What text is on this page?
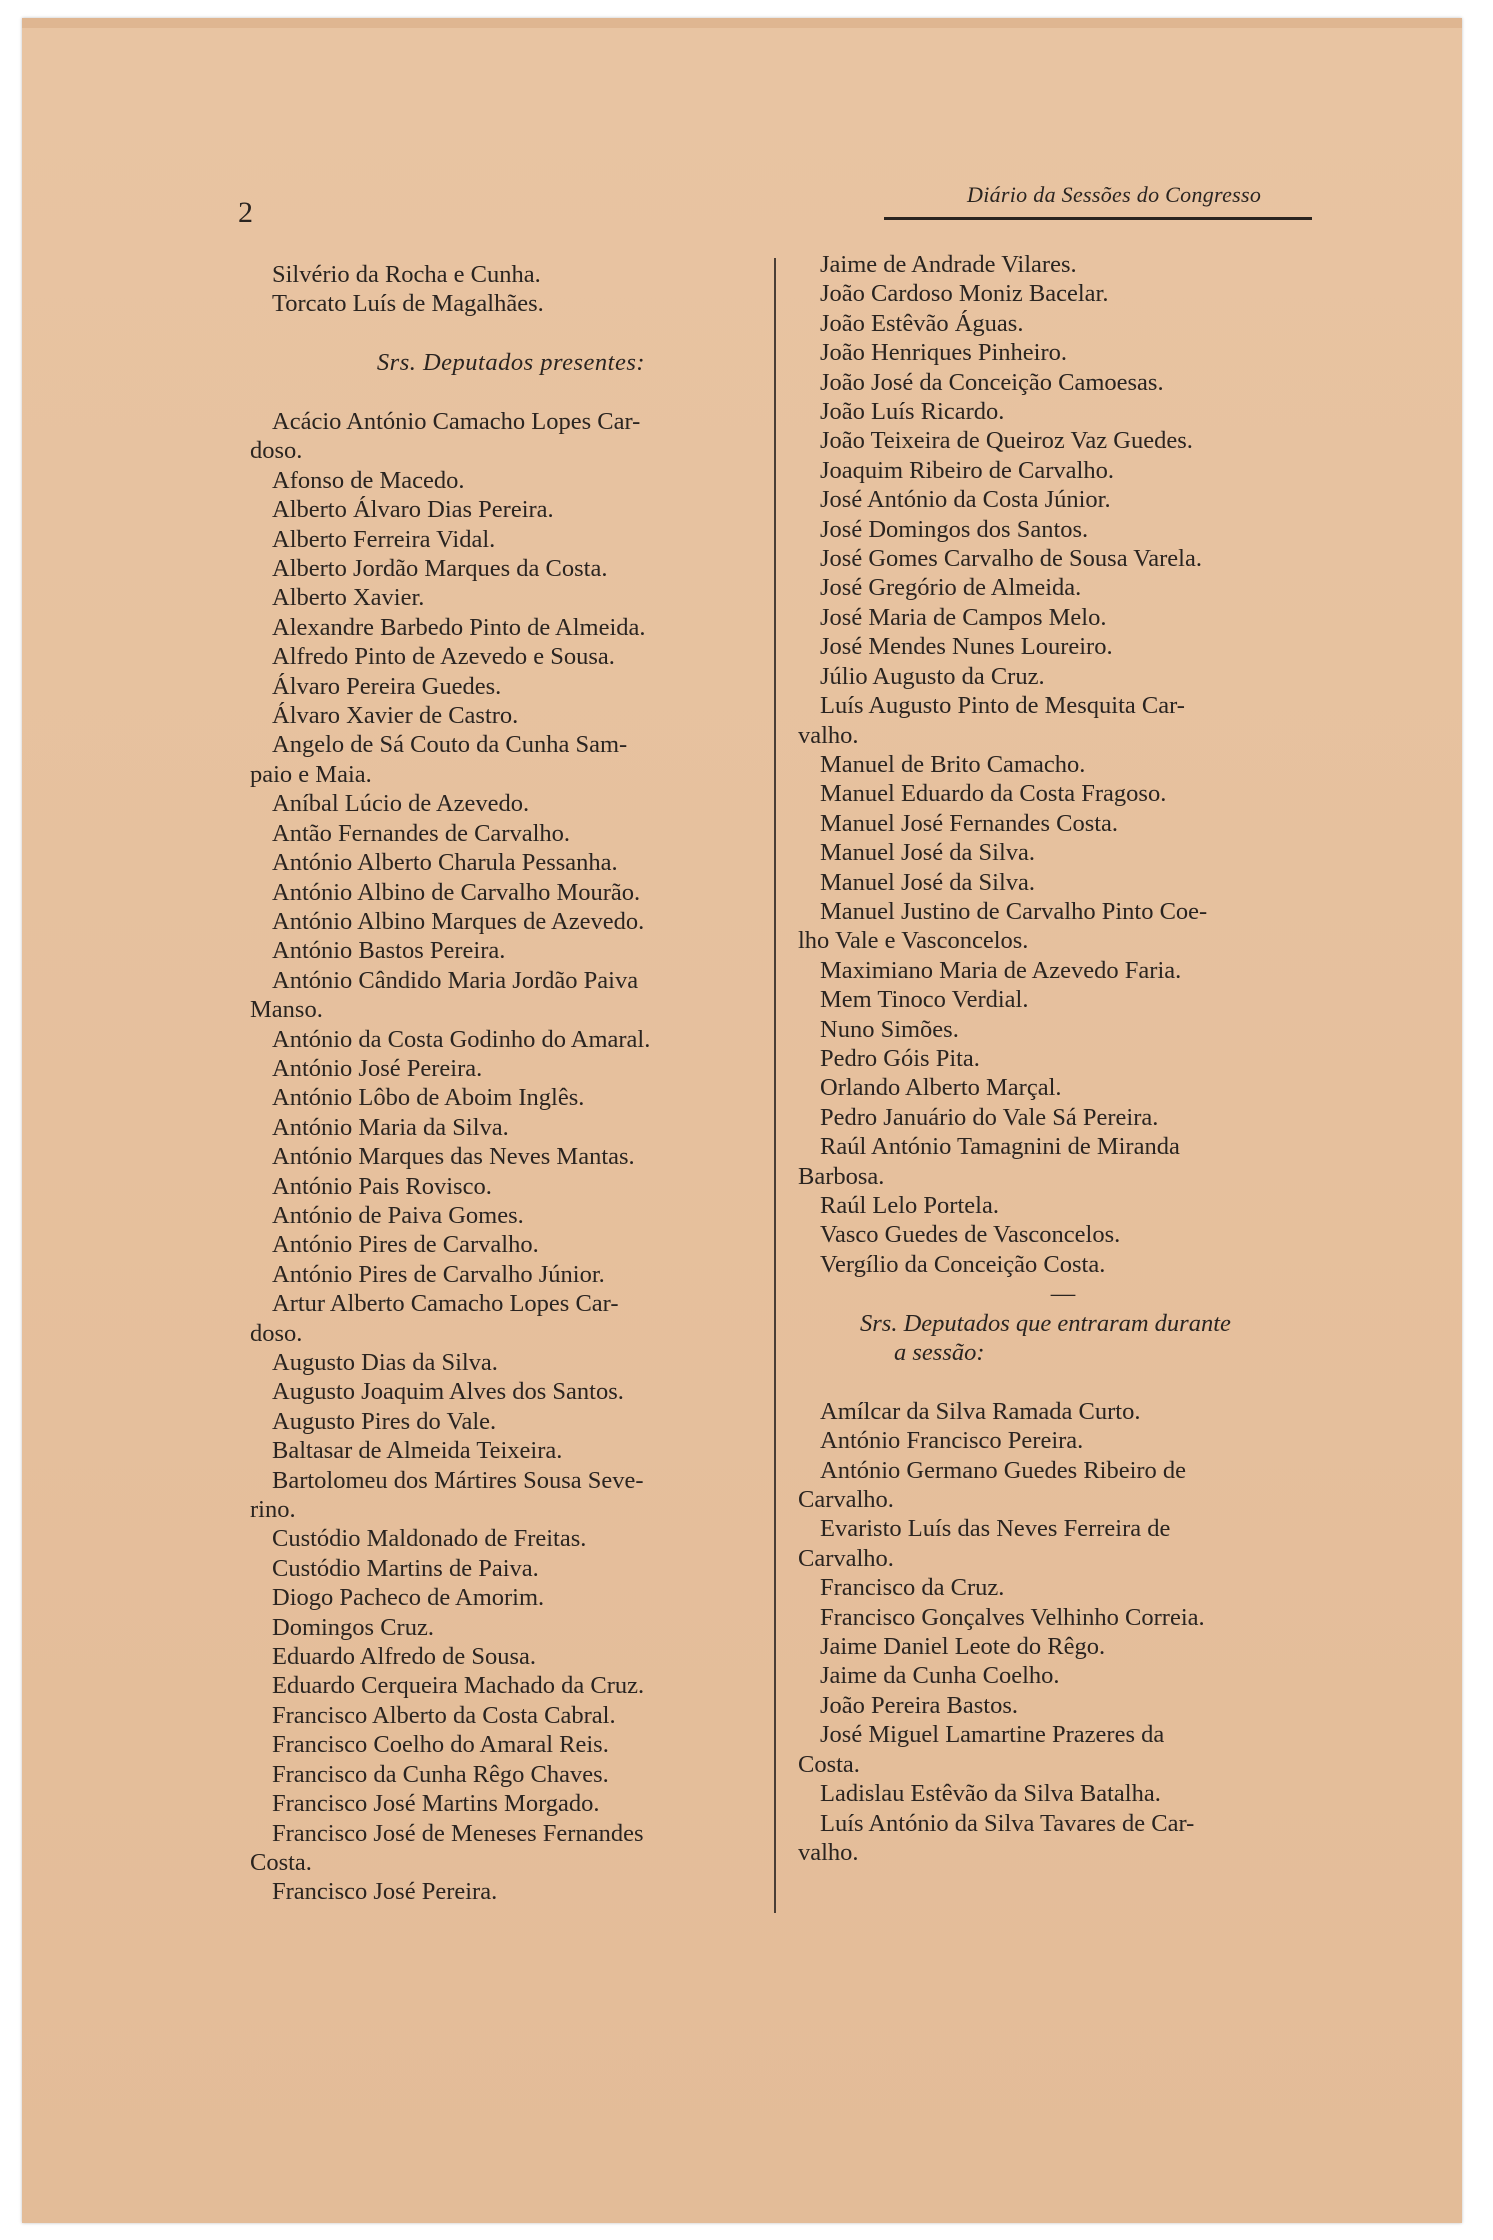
2
Diário da Sessões do Congresso
Silvério da Rocha e Cunha.
Torcato Luís de Magalhães.
Srs. Deputados presentes:
Acácio António Camacho Lopes Car-
doso.
Afonso de Macedo.
Alberto Álvaro Dias Pereira.
Alberto Ferreira Vidal.
Alberto Jordão Marques da Costa.
Alberto Xavier.
Alexandre Barbedo Pinto de Almeida.
Alfredo Pinto de Azevedo e Sousa.
Álvaro Pereira Guedes.
Álvaro Xavier de Castro.
Angelo de Sá Couto da Cunha Sam-
paio e Maia.
Aníbal Lúcio de Azevedo.
Antão Fernandes de Carvalho.
António Alberto Charula Pessanha.
António Albino de Carvalho Mourão.
António Albino Marques de Azevedo.
António Bastos Pereira.
António Cândido Maria Jordão Paiva
Manso.
António da Costa Godinho do Amaral.
António José Pereira.
António Lôbo de Aboim Inglês.
António Maria da Silva.
António Marques das Neves Mantas.
António Pais Rovisco.
António de Paiva Gomes.
António Pires de Carvalho.
António Pires de Carvalho Júnior.
Artur Alberto Camacho Lopes Car-
doso.
Augusto Dias da Silva.
Augusto Joaquim Alves dos Santos.
Augusto Pires do Vale.
Baltasar de Almeida Teixeira.
Bartolomeu dos Mártires Sousa Seve-
rino.
Custódio Maldonado de Freitas.
Custódio Martins de Paiva.
Diogo Pacheco de Amorim.
Domingos Cruz.
Eduardo Alfredo de Sousa.
Eduardo Cerqueira Machado da Cruz.
Francisco Alberto da Costa Cabral.
Francisco Coelho do Amaral Reis.
Francisco da Cunha Rêgo Chaves.
Francisco José Martins Morgado.
Francisco José de Meneses Fernandes
Costa.
Francisco José Pereira.
Jaime de Andrade Vilares.
João Cardoso Moniz Bacelar.
João Estêvão Águas.
João Henriques Pinheiro.
João José da Conceição Camoesas.
João Luís Ricardo.
João Teixeira de Queiroz Vaz Guedes.
Joaquim Ribeiro de Carvalho.
José António da Costa Júnior.
José Domingos dos Santos.
José Gomes Carvalho de Sousa Varela.
José Gregório de Almeida.
José Maria de Campos Melo.
José Mendes Nunes Loureiro.
Júlio Augusto da Cruz.
Luís Augusto Pinto de Mesquita Car-
valho.
Manuel de Brito Camacho.
Manuel Eduardo da Costa Fragoso.
Manuel José Fernandes Costa.
Manuel José da Silva.
Manuel José da Silva.
Manuel Justino de Carvalho Pinto Coe-
lho Vale e Vasconcelos.
Maximiano Maria de Azevedo Faria.
Mem Tinoco Verdial.
Nuno Simões.
Pedro Góis Pita.
Orlando Alberto Marçal.
Pedro Januário do Vale Sá Pereira.
Raúl António Tamagnini de Miranda
Barbosa.
Raúl Lelo Portela.
Vasco Guedes de Vasconcelos.
Vergílio da Conceição Costa.
—
Srs. Deputados que entraram durante
a sessão:
Amílcar da Silva Ramada Curto.
António Francisco Pereira.
António Germano Guedes Ribeiro de
Carvalho.
Evaristo Luís das Neves Ferreira de
Carvalho.
Francisco da Cruz.
Francisco Gonçalves Velhinho Correia.
Jaime Daniel Leote do Rêgo.
Jaime da Cunha Coelho.
João Pereira Bastos.
José Miguel Lamartine Prazeres da
Costa.
Ladislau Estêvão da Silva Batalha.
Luís António da Silva Tavares de Car-
valho.
